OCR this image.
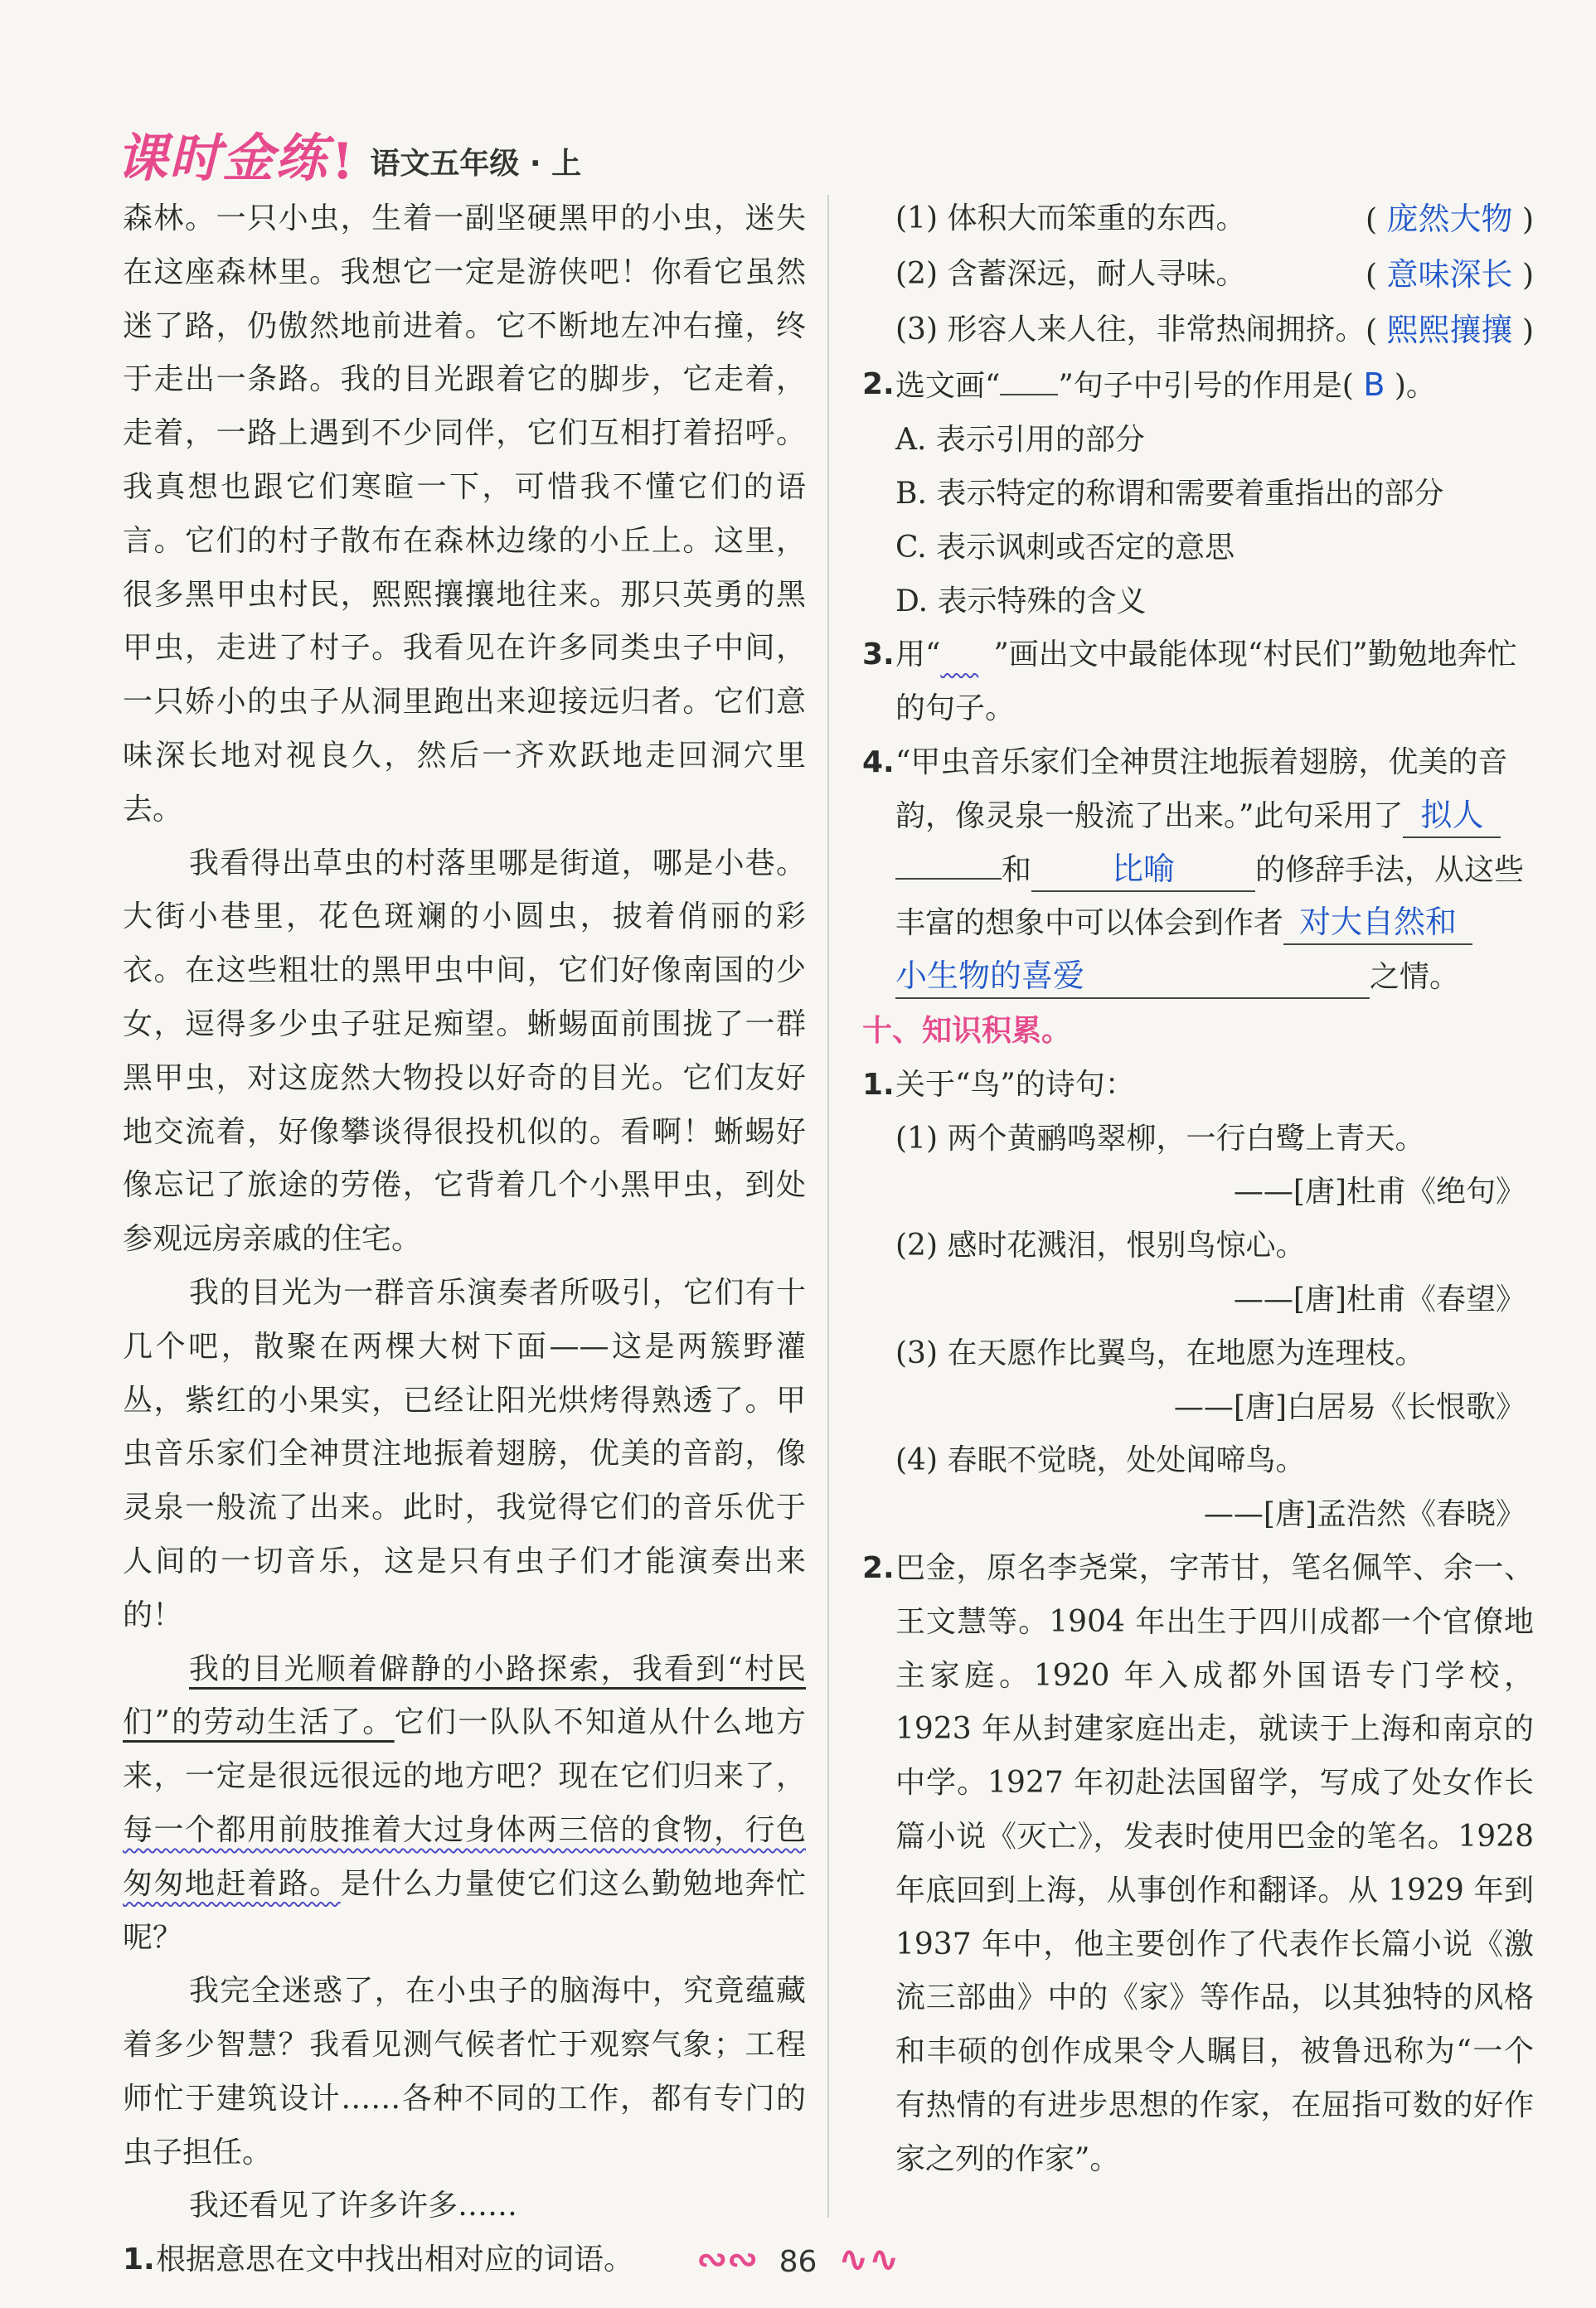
课时金练 ! 语文五年级 · 上

森林。一只小虫，生着一副坚硬黑甲的小虫，迷失在这座森林里。我想它一定是游侠吧！你看它虽然迷了路，仍傲然地前进着。它不断地左冲右撞，终于走出一条路。我的目光跟着它的脚步，它走着，走着，一路上遇到不少同伴，它们互相打着招呼。我真想也跟它们寒暄一下，可惜我不懂它们的语言。它们的村子散布在森林边缘的小丘上。这里，很多黑甲虫村民，熙熙攘攘地往来。那只英勇的黑甲虫，走进了村子。我看见在许多同类虫子中间，一只娇小的虫子从洞里跑出来迎接远归者。它们意味深长地对视良久，然后一齐欢跃地走回洞穴里去。

我看得出草虫的村落里哪是街道，哪是小巷。大街小巷里，花色斑斓的小圆虫，披着俏丽的彩衣。在这些粗壮的黑甲虫中间，它们好像南国的少女，逗得多少虫子驻足痴望。蜥蜴面前围拢了一群黑甲虫，对这庞然大物投以好奇的目光。它们友好地交流着，好像攀谈得很投机似的。看啊！蜥蜴好像忘记了旅途的劳倦，它背着几个小黑甲虫，到处参观远房亲戚的住宅。

我的目光为一群音乐演奏者所吸引，它们有十几个吧，散聚在两棵大树下面——这是两簇野灌丛，紫红的小果实，已经让阳光烘烤得熟透了。甲虫音乐家们全神贯注地振着翅膀，优美的音韵，像灵泉一般流了出来。此时，我觉得它们的音乐优于人间的一切音乐，这是只有虫子们才能演奏出来的！

我的目光顺着僻静的小路探索，我看到“村民们”的劳动生活了。它们一队队不知道从什么地方来，一定是很远很远的地方吧？现在它们归来了，每一个都用前肢推着大过身体两三倍的食物，行色匆匆地赶着路。是什么力量使它们这么勤勉地奔忙呢？

我完全迷惑了，在小虫子的脑海中，究竟蕴藏着多少智慧？我看见测气候者忙于观察气象；工程师忙于建筑设计……各种不同的工作，都有专门的虫子担任。

我还看见了许多许多……

1. 根据意思在文中找出相对应的词语。

(1) 体积大而笨重的东西。	( 庞然大物 )
(2) 含蓄深远，耐人寻味。	( 意味深长 )
(3) 形容人来人往，非常热闹拥挤。 ( 熙熙攘攘 )

2. 选文画“ ”句子中引号的作用是( B )。

A. 表示引用的部分

B. 表示特定的称谓和需要着重指出的部分

C. 表示讽刺或否定的意思

D. 表示特殊的含义

3. 用“ ”画出文中最能体现“村民们”勤勉地奔忙的句子。

4. “甲虫音乐家们全神贯注地振着翅膀，优美的音韵，像灵泉一般流了出来。”此句采用了 拟人和	比喻	的修辞手法，从这些丰富的想象中可以体会到作者 对大自然和小生物的喜爱	之情。

十、知识积累。

1. 关于“鸟”的诗句：

(1) 两个黄鹂鸣翠柳，一行白鹭上青天。

——[唐]杜甫《绝句》

(2) 感时花溅泪，恨别鸟惊心。

——[唐]杜甫《春望》

(3) 在天愿作比翼鸟，在地愿为连理枝。

——[唐]白居易《长恨歌》

(4) 春眠不觉晓，处处闻啼鸟。

——[唐]孟浩然《春晓》

2. 巴金，原名李尧棠，字芾甘，笔名佩竿、余一、王文慧等。1904 年出生于四川成都一个官僚地主家庭。1920 年入成都外国语专门学校，1923 年从封建家庭出走，就读于上海和南京的中学。1927 年初赴法国留学，写成了处女作长篇小说《灭亡》，发表时使用巴金的笔名。1928 年底回到上海，从事创作和翻译。从 1929 年到 1937 年中，他主要创作了代表作长篇小说《激流三部曲》中的《家》等作品，以其独特的风格和丰硕的创作成果令人瞩目，被鲁迅称为“一个有热情的有进步思想的作家，在屈指可数的好作家之列的作家”。

∾∾ 86 ∿∿
